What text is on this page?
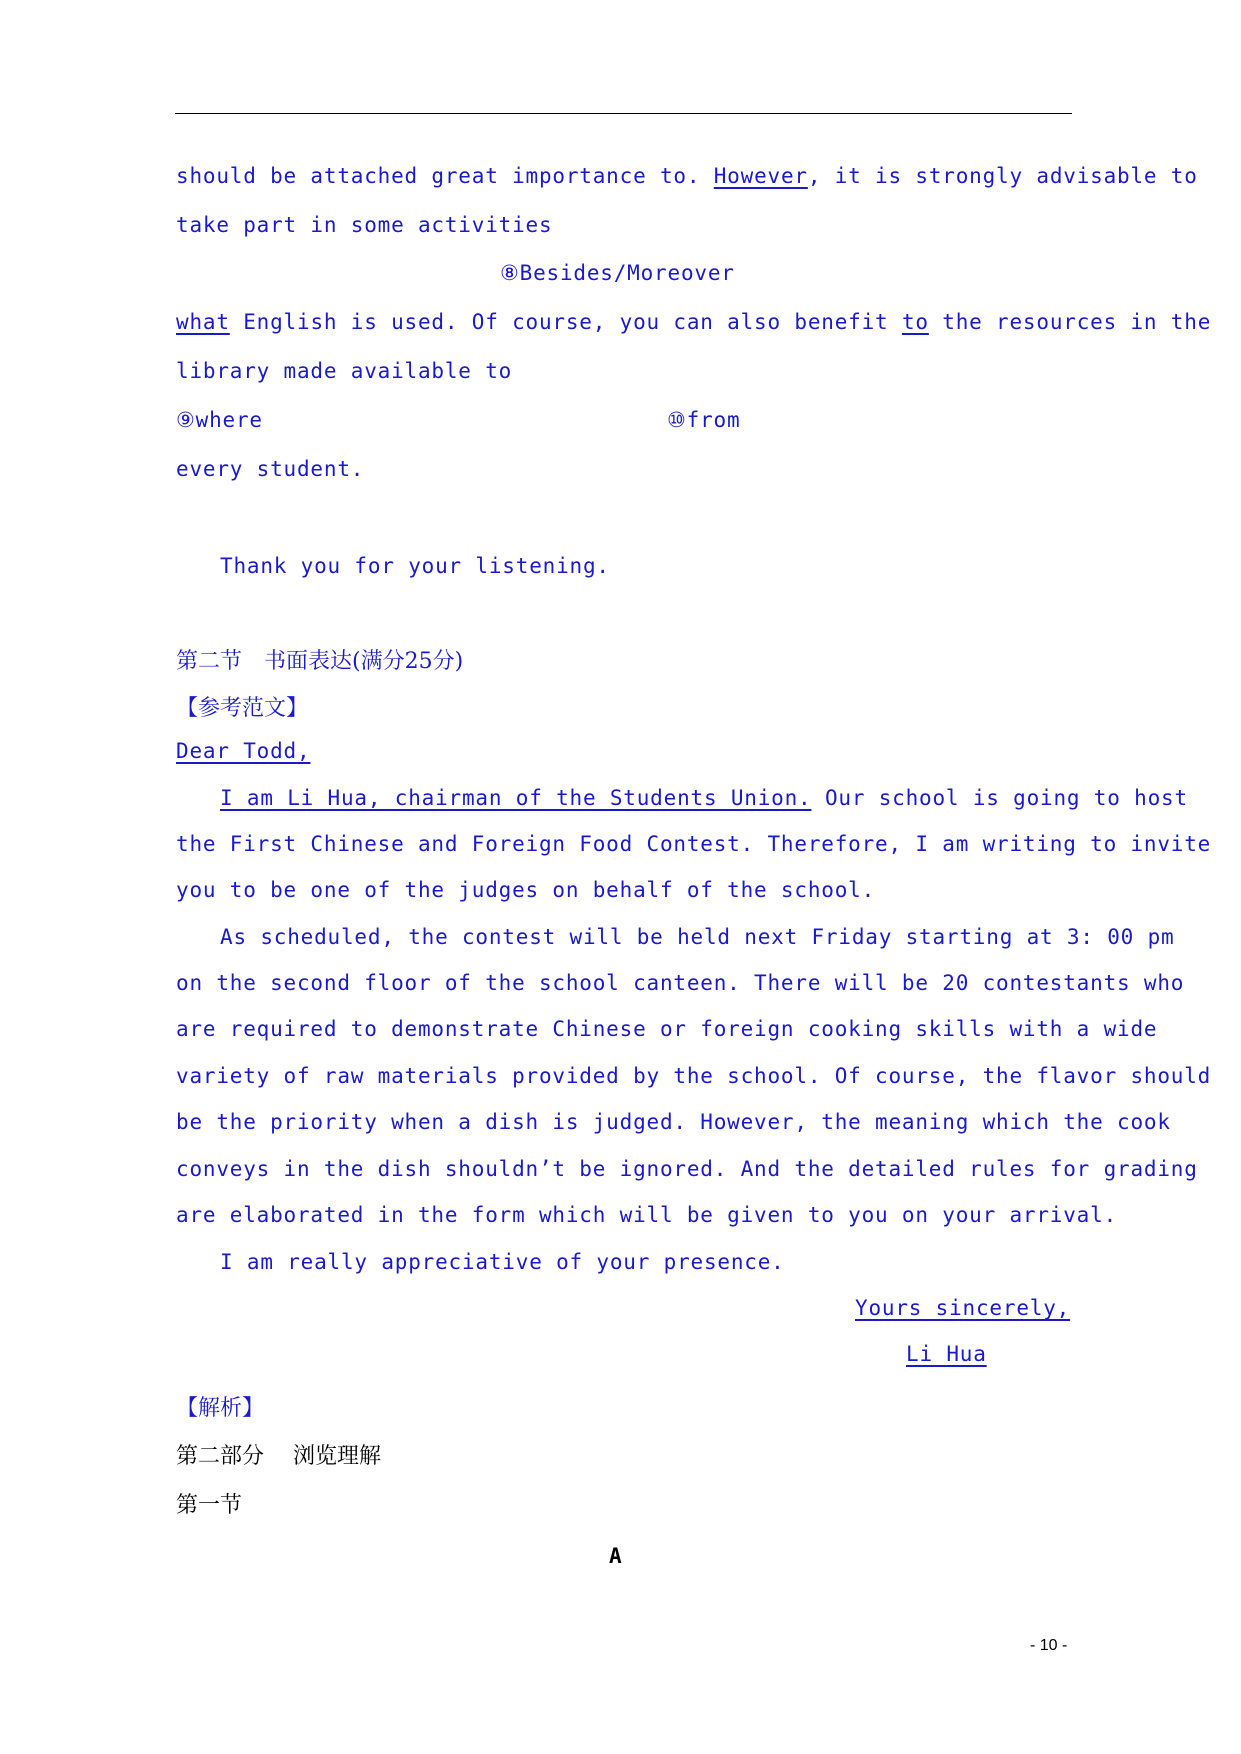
should be attached great importance to. However, it is strongly advisable to
take part in some activities
⑧Besides/Moreover
what English is used. Of course, you can also benefit to the resources in the
library made available to
⑨where	⑩from
every student.
Thank you for your listening.
第二节　书面表达(满分25分)
【参考范文】
Dear Todd,
I am Li Hua, chairman of the Students Union. Our school is going to host
the First Chinese and Foreign Food Contest. Therefore, I am writing to invite
you to be one of the judges on behalf of the school.
As scheduled, the contest will be held next Friday starting at 3: 00 pm
on the second floor of the school canteen. There will be 20 contestants who
are required to demonstrate Chinese or foreign cooking skills with a wide
variety of raw materials provided by the school. Of course, the flavor should
be the priority when a dish is judged. However, the meaning which the cook
conveys in the dish shouldn’t be ignored. And the detailed rules for grading
are elaborated in the form which will be given to you on your arrival.
I am really appreciative of your presence.
Yours sincerely,
Li Hua
【解析】
第二部分　 浏览理解
第一节
A
- 10 -
